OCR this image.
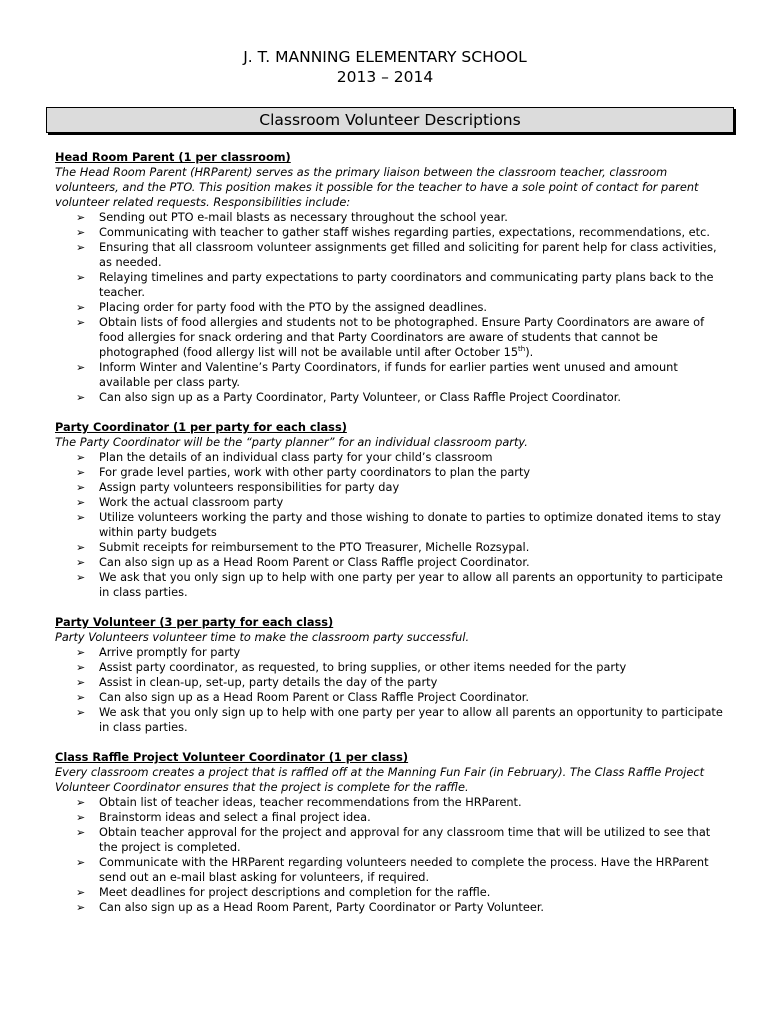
J. T. MANNING ELEMENTARY SCHOOL
2013 – 2014
Classroom Volunteer Descriptions
Head Room Parent (1 per classroom)
The Head Room Parent (HRParent) serves as the primary liaison between the classroom teacher, classroom volunteers, and the PTO. This position makes it possible for the teacher to have a sole point of contact for parent volunteer related requests. Responsibilities include:
➢ Sending out PTO e-mail blasts as necessary throughout the school year.
➢ Communicating with teacher to gather staff wishes regarding parties, expectations, recommendations, etc.
➢ Ensuring that all classroom volunteer assignments get filled and soliciting for parent help for class activities, as needed.
➢ Relaying timelines and party expectations to party coordinators and communicating party plans back to the teacher.
➢ Placing order for party food with the PTO by the assigned deadlines.
➢ Obtain lists of food allergies and students not to be photographed. Ensure Party Coordinators are aware of food allergies for snack ordering and that Party Coordinators are aware of students that cannot be photographed (food allergy list will not be available until after October 15th).
➢ Inform Winter and Valentine’s Party Coordinators, if funds for earlier parties went unused and amount available per class party.
➢ Can also sign up as a Party Coordinator, Party Volunteer, or Class Raffle Project Coordinator.
Party Coordinator (1 per party for each class)
The Party Coordinator will be the “party planner” for an individual classroom party.
➢ Plan the details of an individual class party for your child’s classroom
➢ For grade level parties, work with other party coordinators to plan the party
➢ Assign party volunteers responsibilities for party day
➢ Work the actual classroom party
➢ Utilize volunteers working the party and those wishing to donate to parties to optimize donated items to stay within party budgets
➢ Submit receipts for reimbursement to the PTO Treasurer, Michelle Rozsypal.
➢ Can also sign up as a Head Room Parent or Class Raffle project Coordinator.
➢ We ask that you only sign up to help with one party per year to allow all parents an opportunity to participate in class parties.
Party Volunteer (3 per party for each class)
Party Volunteers volunteer time to make the classroom party successful.
➢ Arrive promptly for party
➢ Assist party coordinator, as requested, to bring supplies, or other items needed for the party
➢ Assist in clean-up, set-up, party details the day of the party
➢ Can also sign up as a Head Room Parent or Class Raffle Project Coordinator.
➢ We ask that you only sign up to help with one party per year to allow all parents an opportunity to participate in class parties.
Class Raffle Project Volunteer Coordinator (1 per class)
Every classroom creates a project that is raffled off at the Manning Fun Fair (in February). The Class Raffle Project Volunteer Coordinator ensures that the project is complete for the raffle.
➢ Obtain list of teacher ideas, teacher recommendations from the HRParent.
➢ Brainstorm ideas and select a final project idea.
➢ Obtain teacher approval for the project and approval for any classroom time that will be utilized to see that the project is completed.
➢ Communicate with the HRParent regarding volunteers needed to complete the process. Have the HRParent send out an e-mail blast asking for volunteers, if required.
➢ Meet deadlines for project descriptions and completion for the raffle.
➢ Can also sign up as a Head Room Parent, Party Coordinator or Party Volunteer.
